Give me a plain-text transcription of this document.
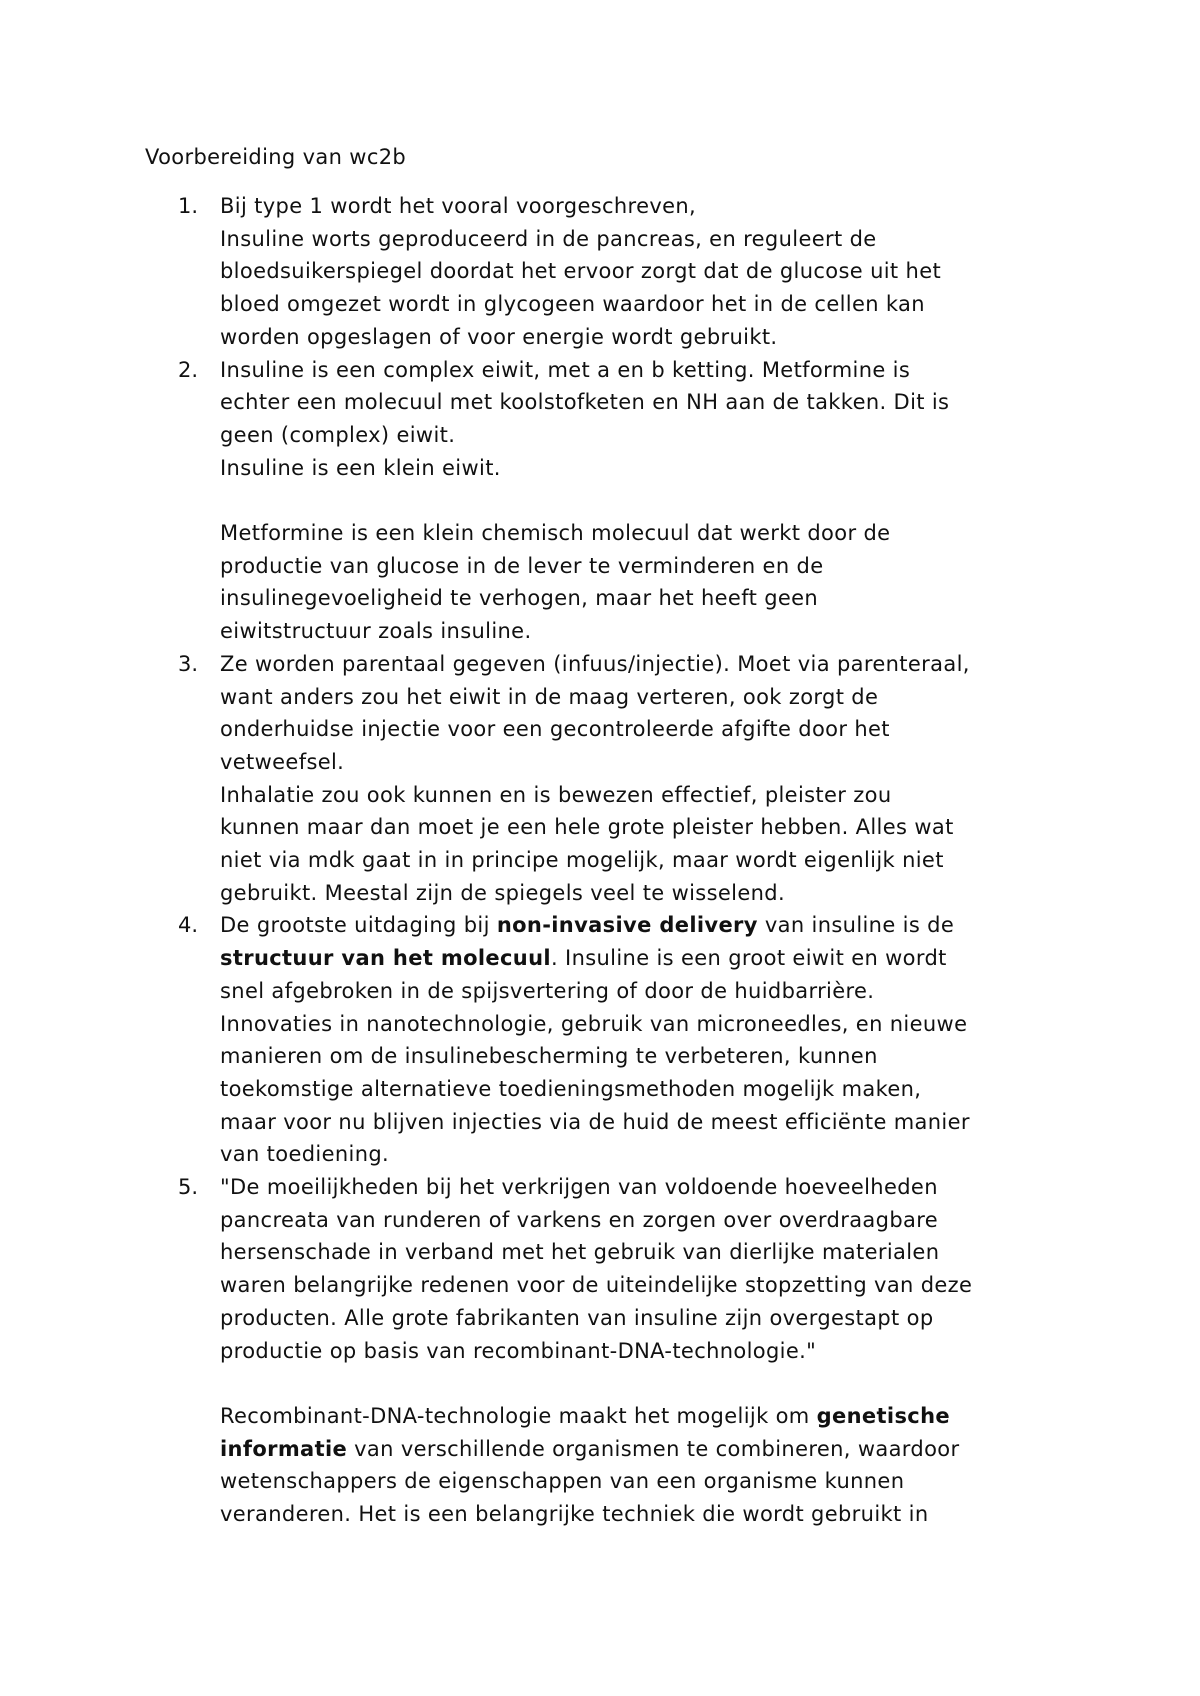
Voorbereiding van wc2b
1. Bij type 1 wordt het vooral voorgeschreven,
Insuline worts geproduceerd in de pancreas, en reguleert de
bloedsuikerspiegel doordat het ervoor zorgt dat de glucose uit het
bloed omgezet wordt in glycogeen waardoor het in de cellen kan
worden opgeslagen of voor energie wordt gebruikt.
2. Insuline is een complex eiwit, met a en b ketting. Metformine is
echter een molecuul met koolstofketen en NH aan de takken. Dit is
geen (complex) eiwit.
Insuline is een klein eiwit.
Metformine is een klein chemisch molecuul dat werkt door de
productie van glucose in de lever te verminderen en de
insulinegevoeligheid te verhogen, maar het heeft geen
eiwitstructuur zoals insuline.
3. Ze worden parentaal gegeven (infuus/injectie). Moet via parenteraal,
want anders zou het eiwit in de maag verteren, ook zorgt de
onderhuidse injectie voor een gecontroleerde afgifte door het
vetweefsel.
Inhalatie zou ook kunnen en is bewezen effectief, pleister zou
kunnen maar dan moet je een hele grote pleister hebben. Alles wat
niet via mdk gaat in in principe mogelijk, maar wordt eigenlijk niet
gebruikt. Meestal zijn de spiegels veel te wisselend.
4. De grootste uitdaging bij non-invasive delivery van insuline is de
structuur van het molecuul. Insuline is een groot eiwit en wordt
snel afgebroken in de spijsvertering of door de huidbarrière.
Innovaties in nanotechnologie, gebruik van microneedles, en nieuwe
manieren om de insulinebescherming te verbeteren, kunnen
toekomstige alternatieve toedieningsmethoden mogelijk maken,
maar voor nu blijven injecties via de huid de meest efficiënte manier
van toediening.
5. "De moeilijkheden bij het verkrijgen van voldoende hoeveelheden
pancreata van runderen of varkens en zorgen over overdraagbare
hersenschade in verband met het gebruik van dierlijke materialen
waren belangrijke redenen voor de uiteindelijke stopzetting van deze
producten. Alle grote fabrikanten van insuline zijn overgestapt op
productie op basis van recombinant-DNA-technologie."
Recombinant-DNA-technologie maakt het mogelijk om genetische
informatie van verschillende organismen te combineren, waardoor
wetenschappers de eigenschappen van een organisme kunnen
veranderen. Het is een belangrijke techniek die wordt gebruikt in
